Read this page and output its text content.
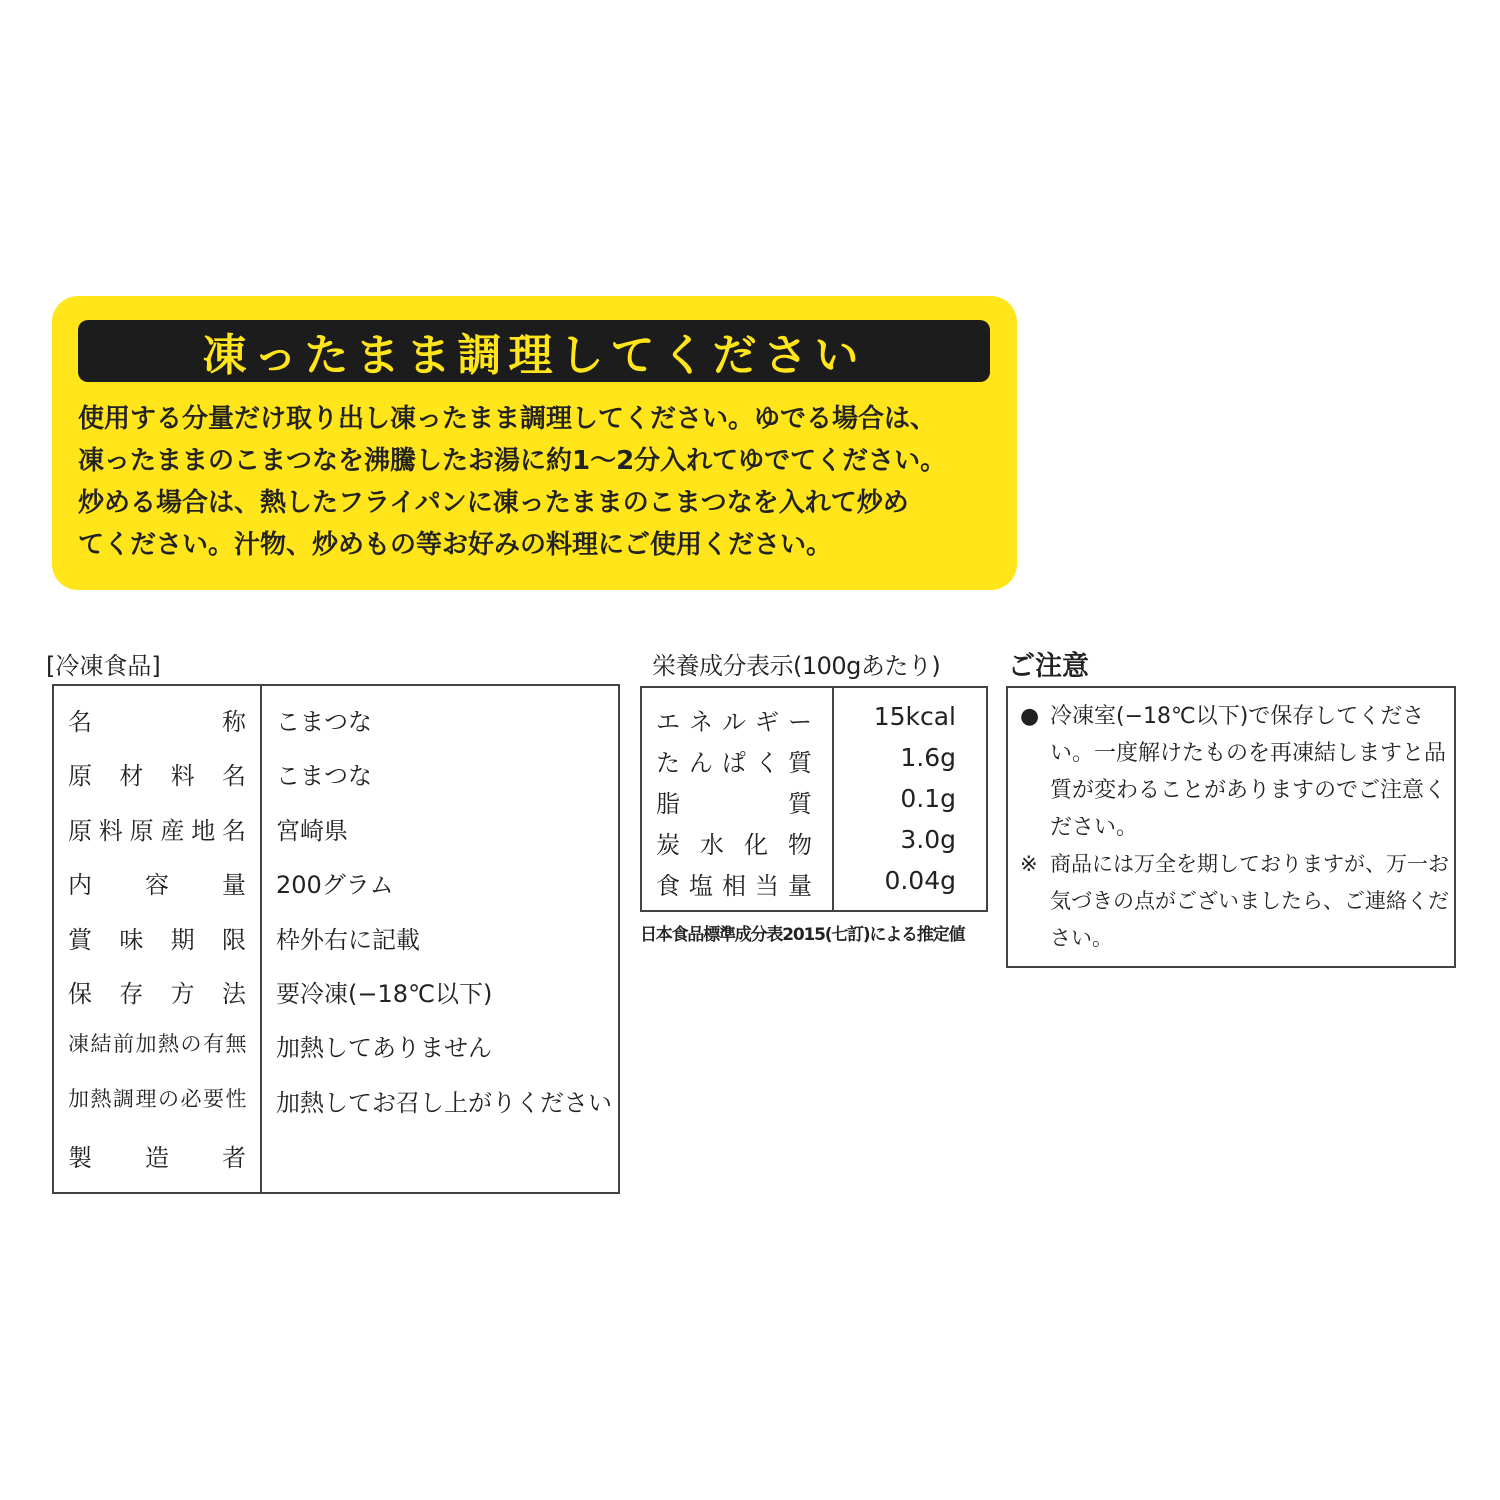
凍ったまま調理してください
使用する分量だけ取り出し凍ったまま調理してください。ゆでる場合は、
凍ったままのこまつなを沸騰したお湯に約1〜2分入れてゆでてください。
炒める場合は、熱したフライパンに凍ったままのこまつなを入れて炒め
てください。汁物、炒めもの等お好みの料理にご使用ください。
[冷凍食品]	栄養成分表示(100gあたり)	ご注意
名称 こまつな
原材料名 こまつな
原料原産地名 宮崎県
内容量 200グラム
賞味期限 枠外右に記載
保存方法 要冷凍(−18℃以下)
凍結前加熱の有無 加熱してありません
加熱調理の必要性 加熱してお召し上がりください
製造者
エネルギー 15kcal
たんぱく質	1.6g
脂質	0.1g
炭水化物	3.0g
食塩相当量	0.04g
日本食品標準成分表2015(七訂)による推定値
● 冷凍室(−18℃以下)で保存してください。一度解けたものを再凍結しますと品質が変わることがありますのでご注意ください。
※ 商品には万全を期しておりますが、万一お気づきの点がございましたら、ご連絡ください。
